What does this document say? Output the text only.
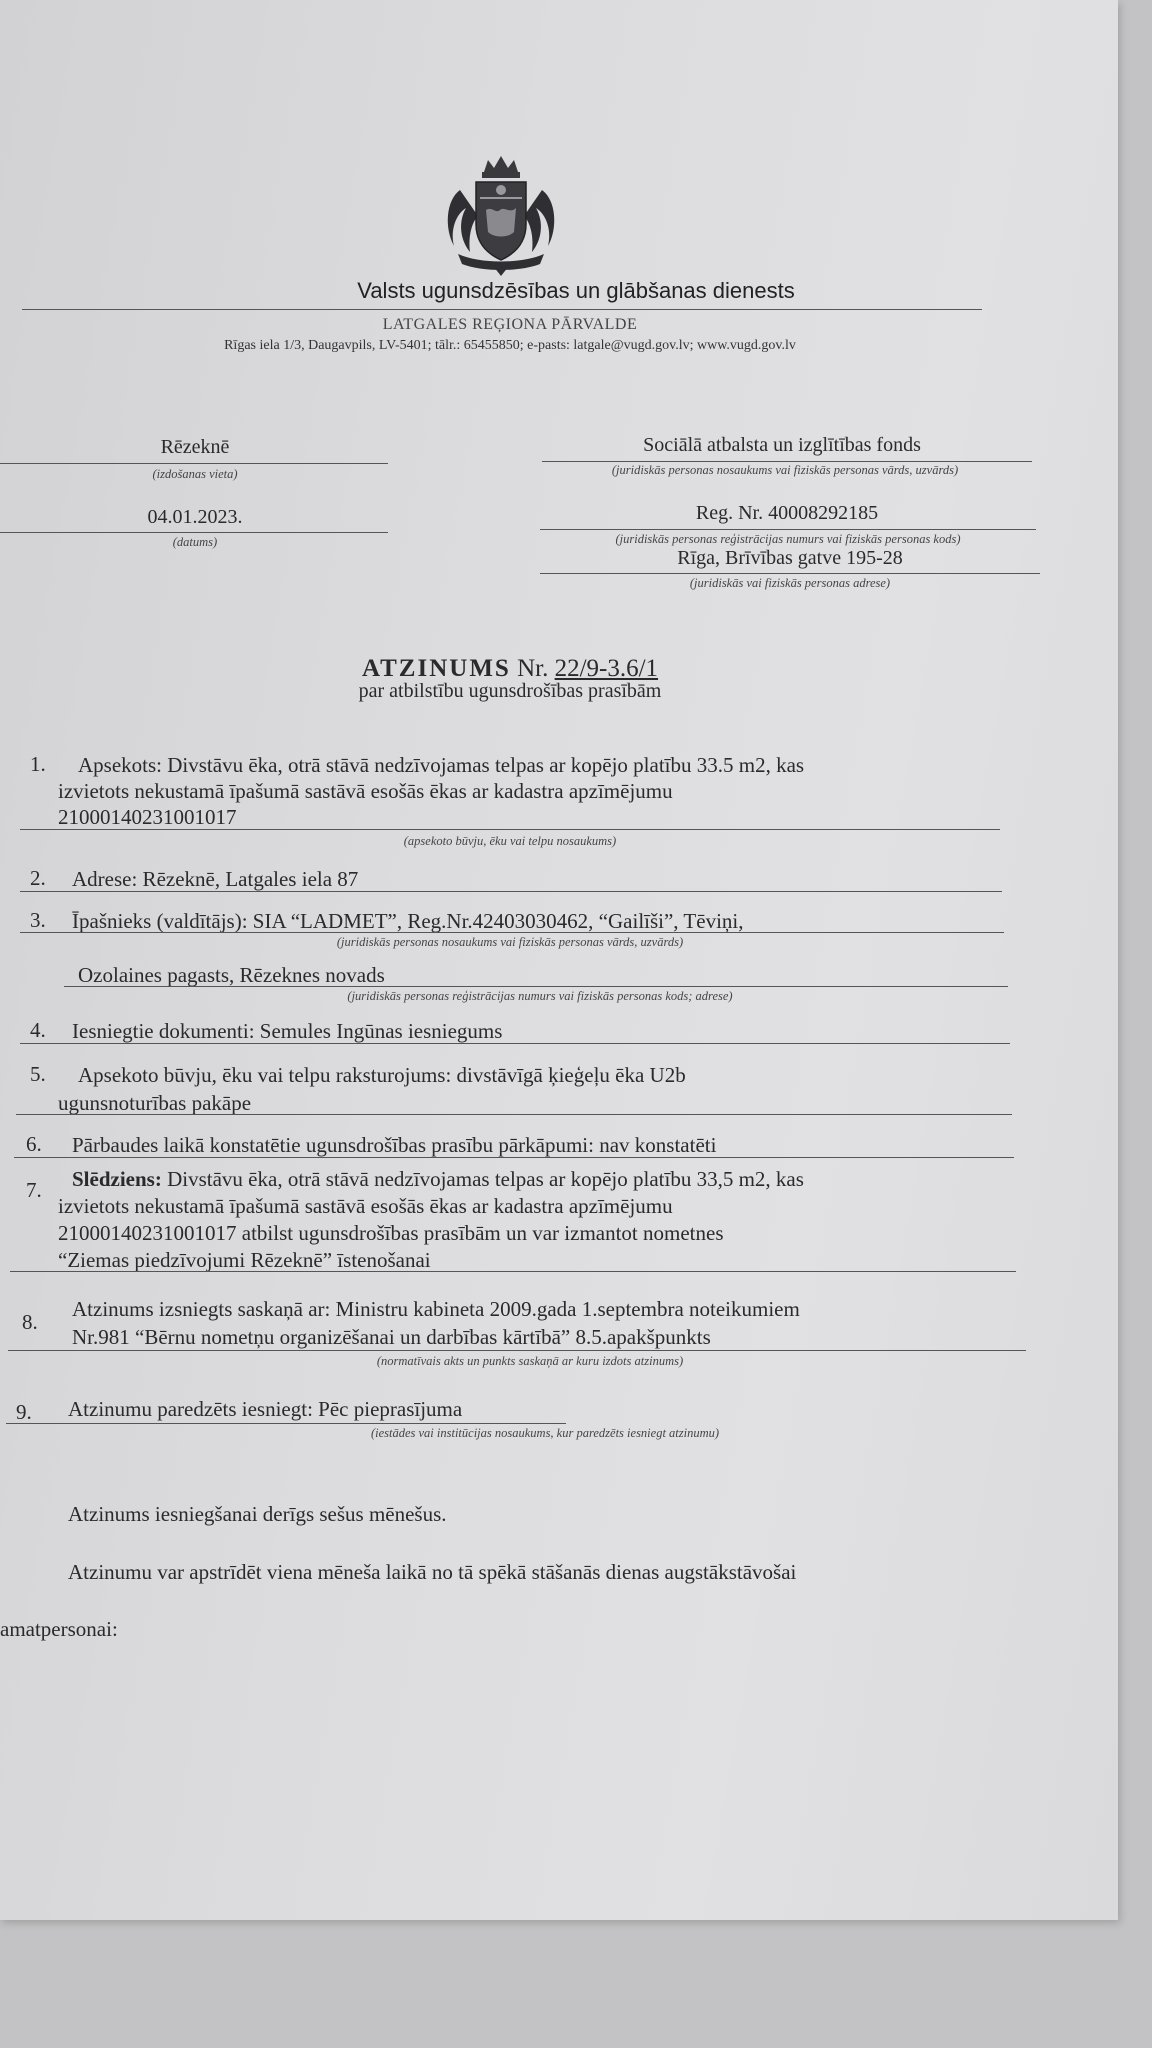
Valsts ugunsdzēsības un glābšanas dienests
LATGALES REĢIONA PĀRVALDE
Rīgas iela 1/3, Daugavpils, LV-5401; tālr.: 65455850; e-pasts: latgale@vugd.gov.lv; www.vugd.gov.lv
Rēzeknē
(izdošanas vieta)
04.01.2023.
(datums)
Sociālā atbalsta un izglītības fonds
(juridiskās personas nosaukums vai fiziskās personas vārds, uzvārds)
Reg. Nr. 40008292185
(juridiskās personas reģistrācijas numurs vai fiziskās personas kods)
Rīga, Brīvības gatve 195-28
(juridiskās vai fiziskās personas adrese)
ATZINUMS Nr. 22/9-3.6/1
par atbilstību ugunsdrošības prasībām
1. Apsekots: Divstāvu ēka, otrā stāvā nedzīvojamas telpas ar kopējo platību 33.5 m2, kas
izvietots nekustamā īpašumā sastāvā esošās ēkas ar kadastra apzīmējumu
21000140231001017
(apsekoto būvju, ēku vai telpu nosaukums)
2. Adrese: Rēzeknē, Latgales iela 87
3. Īpašnieks (valdītājs): SIA “LADMET”, Reg.Nr.42403030462, “Gailīši”, Tēviņi,
(juridiskās personas nosaukums vai fiziskās personas vārds, uzvārds)
Ozolaines pagasts, Rēzeknes novads
(juridiskās personas reģistrācijas numurs vai fiziskās personas kods; adrese)
4. Iesniegtie dokumenti: Semules Ingūnas iesniegums
5. Apsekoto būvju, ēku vai telpu raksturojums: divstāvīgā ķieģeļu ēka U2b
ugunsnoturības pakāpe
6. Pārbaudes laikā konstatētie ugunsdrošības prasību pārkāpumi: nav konstatēti
7. Slēdziens: Divstāvu ēka, otrā stāvā nedzīvojamas telpas ar kopējo platību 33,5 m2, kas
izvietots nekustamā īpašumā sastāvā esošās ēkas ar kadastra apzīmējumu
21000140231001017 atbilst ugunsdrošības prasībām un var izmantot nometnes
“Ziemas piedzīvojumi Rēzeknē” īstenošanai
8.
Atzinums izsniegts saskaņā ar: Ministru kabineta 2009.gada 1.septembra noteikumiem
Nr.981 “Bērnu nometņu organizēšanai un darbības kārtībā” 8.5.apakšpunkts
(normatīvais akts un punkts saskaņā ar kuru izdots atzinums)
9. Atzinumu paredzēts iesniegt: Pēc pieprasījuma
(iestādes vai institūcijas nosaukums, kur paredzēts iesniegt atzinumu)
Atzinums iesniegšanai derīgs sešus mēnešus.
Atzinumu var apstrīdēt viena mēneša laikā no tā spēkā stāšanās dienas augstākstāvošai
amatpersonai:
